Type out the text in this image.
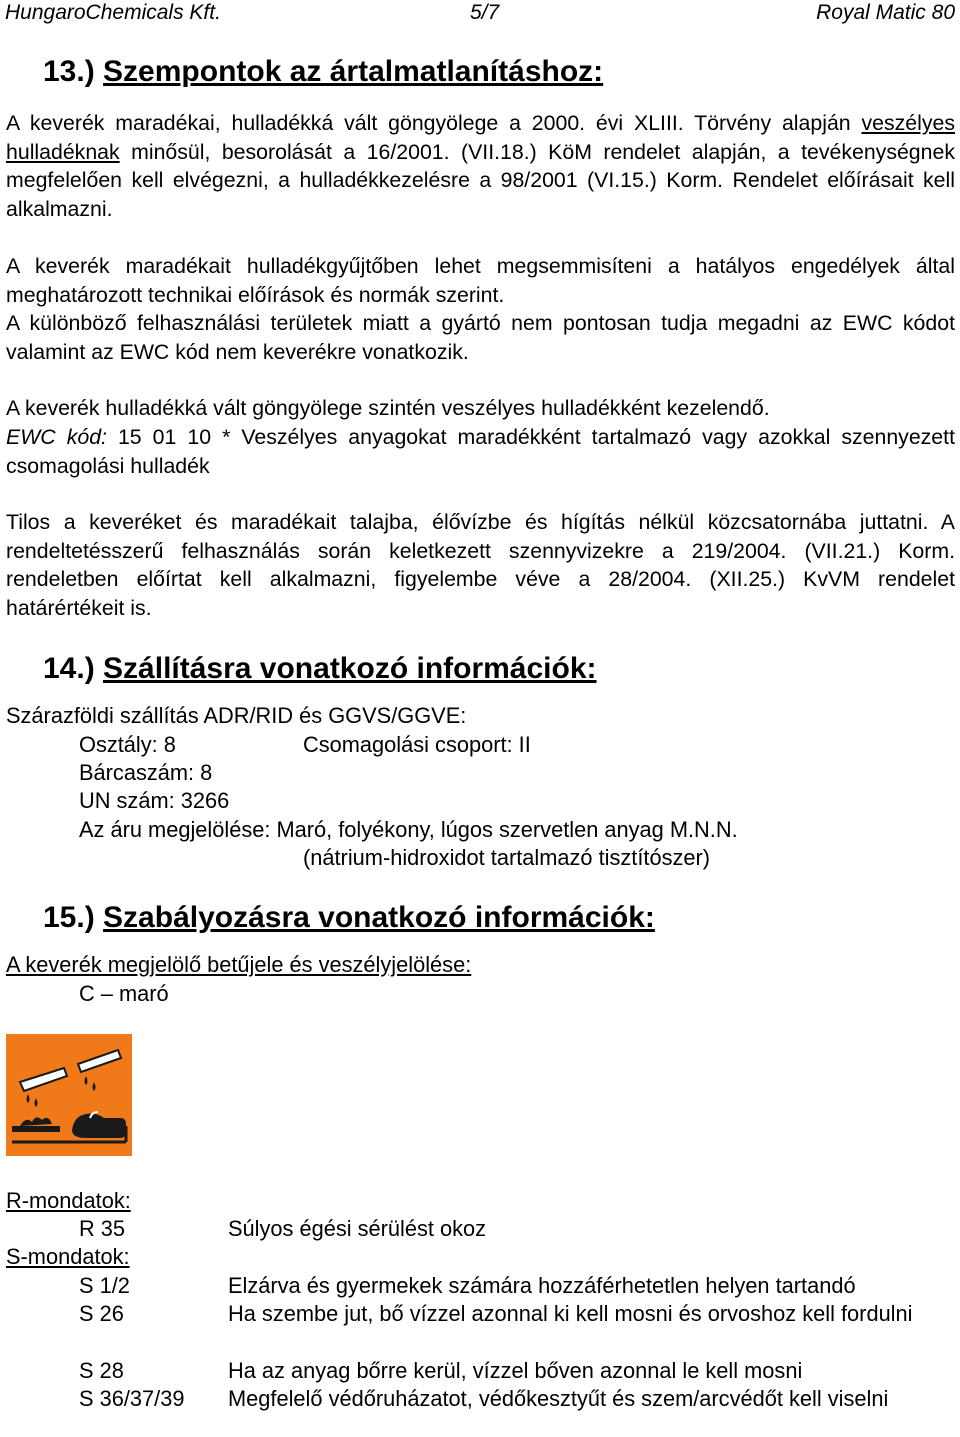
HungaroChemicals Kft.	5/7	Royal Matic 80
13.) Szempontok az ártalmatlanításhoz:
A keverék maradékai, hulladékká vált göngyölege a 2000. évi XLIII. Törvény alapján veszélyes hulladéknak minősül, besorolását a 16/2001. (VII.18.) KöM rendelet alapján, a tevékenységnek megfelelően kell elvégezni, a hulladékkezelésre a 98/2001 (VI.15.) Korm. Rendelet előírásait kell alkalmazni.
A keverék maradékait hulladékgyűjtőben lehet megsemmisíteni a hatályos engedélyek által meghatározott technikai előírások és normák szerint.
A különböző felhasználási területek miatt a gyártó nem pontosan tudja megadni az EWC kódot valamint az EWC kód nem keverékre vonatkozik.
A keverék hulladékká vált göngyölege szintén veszélyes hulladékként kezelendő.
EWC kód: 15 01 10 * Veszélyes anyagokat maradékként tartalmazó vagy azokkal szennyezett csomagolási hulladék
Tilos a keveréket és maradékait talajba, élővízbe és hígítás nélkül közcsatornába juttatni. A rendeltetésszerű felhasználás során keletkezett szennyvizekre a 219/2004. (VII.21.) Korm. rendeletben előírtat kell alkalmazni, figyelembe véve a 28/2004. (XII.25.) KvVM rendelet határértékeit is.
14.) Szállításra vonatkozó információk:
Szárazföldi szállítás ADR/RID és GGVS/GGVE:
Osztály: 8	Csomagolási csoport: II
Bárcaszám: 8
UN szám: 3266
Az áru megjelölése: Maró, folyékony, lúgos szervetlen anyag M.N.N.
(nátrium-hidroxidot tartalmazó tisztítószer)
15.) Szabályozásra vonatkozó információk:
A keverék megjelölő betűjele és veszélyjelölése:
C – maró
R-mondatok:
R 35	Súlyos égési sérülést okoz
S-mondatok:
S 1/2	Elzárva és gyermekek számára hozzáférhetetlen helyen tartandó
S 26	Ha szembe jut, bő vízzel azonnal ki kell mosni és orvoshoz kell fordulni
S 28	Ha az anyag bőrre kerül, vízzel bőven azonnal le kell mosni
S 36/37/39 Megfelelő védőruházatot, védőkesztyűt és szem/arcvédőt kell viselni
